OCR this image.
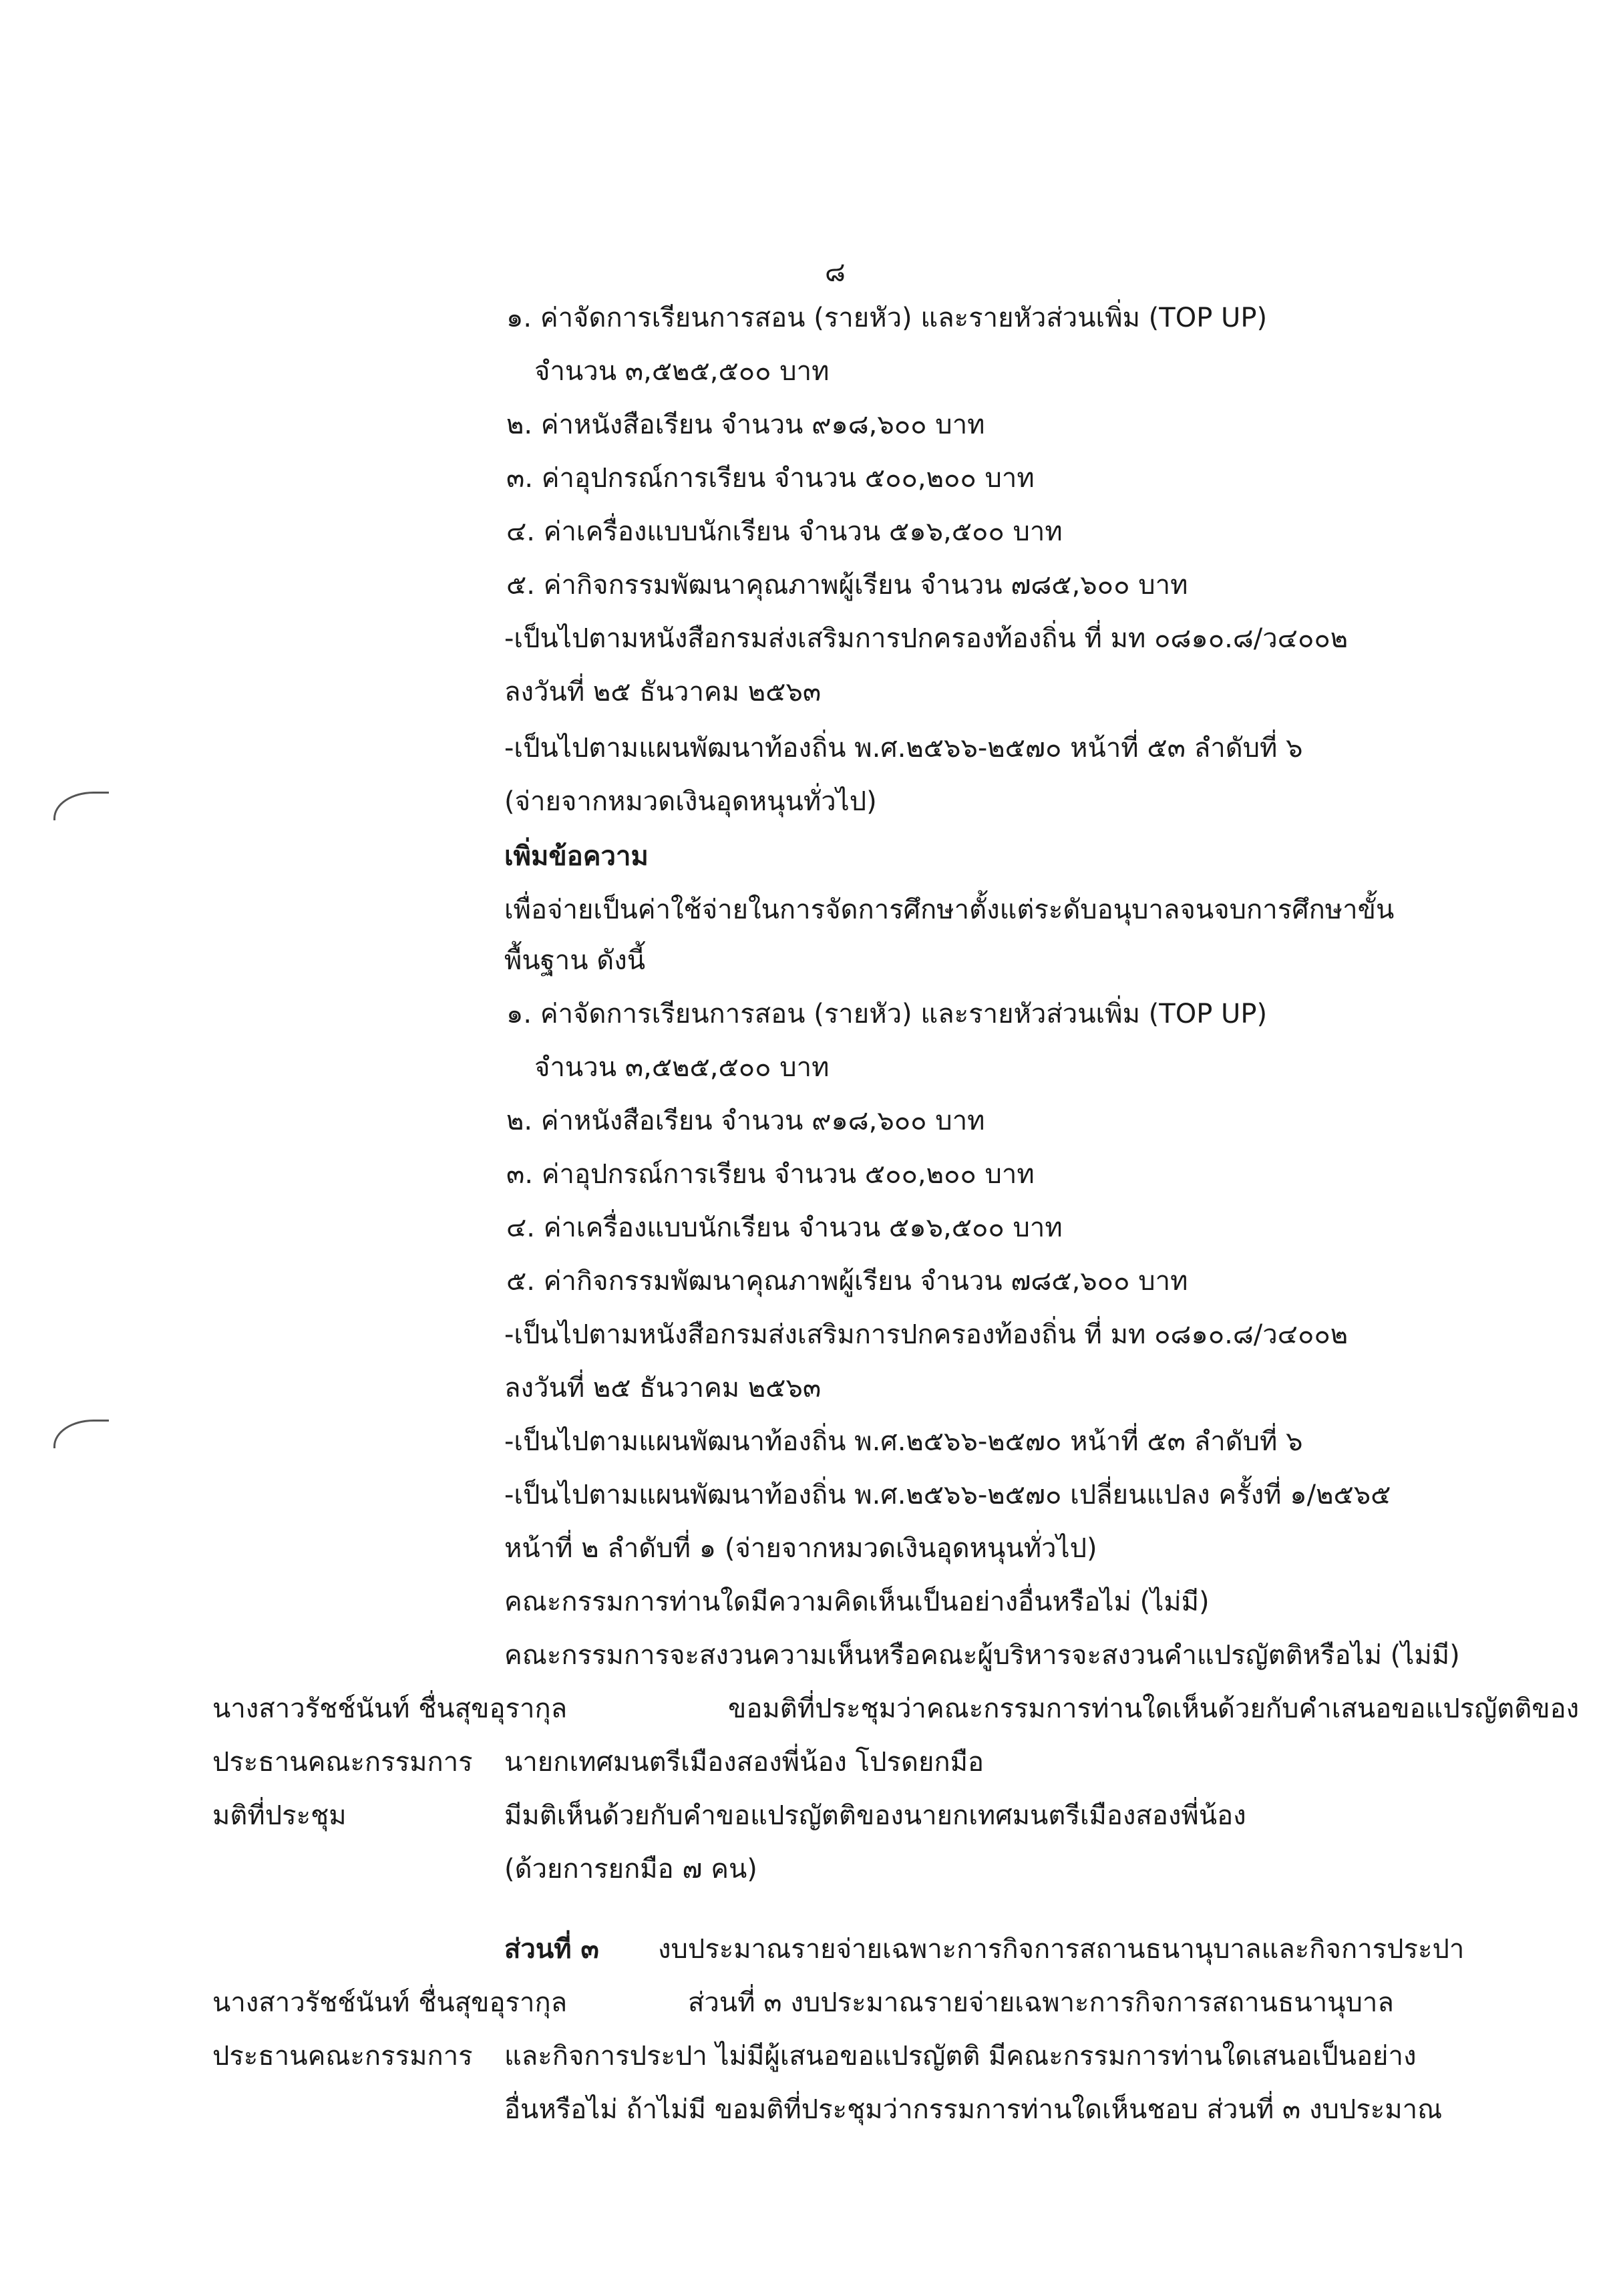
๘
๑. ค่าจัดการเรียนการสอน (รายหัว) และรายหัวส่วนเพิ่ม (TOP UP)
จำนวน ๓,๕๒๕,๕๐๐ บาท
๒. ค่าหนังสือเรียน จำนวน ๙๑๘,๖๐๐ บาท
๓. ค่าอุปกรณ์การเรียน จำนวน ๕๐๐,๒๐๐ บาท
๔. ค่าเครื่องแบบนักเรียน จำนวน ๕๑๖,๕๐๐ บาท
๕. ค่ากิจกรรมพัฒนาคุณภาพผู้เรียน จำนวน ๗๘๕,๖๐๐ บาท
-เป็นไปตามหนังสือกรมส่งเสริมการปกครองท้องถิ่น ที่ มท ๐๘๑๐.๘/ว๔๐๐๒
ลงวันที่ ๒๕ ธันวาคม ๒๕๖๓
-เป็นไปตามแผนพัฒนาท้องถิ่น พ.ศ.๒๕๖๖-๒๕๗๐ หน้าที่ ๕๓ ลำดับที่ ๖
(จ่ายจากหมวดเงินอุดหนุนทั่วไป)
เพิ่มข้อความ
เพื่อจ่ายเป็นค่าใช้จ่ายในการจัดการศึกษาตั้งแต่ระดับอนุบาลจนจบการศึกษาขั้น
พื้นฐาน ดังนี้
๑. ค่าจัดการเรียนการสอน (รายหัว) และรายหัวส่วนเพิ่ม (TOP UP)
จำนวน ๓,๕๒๕,๕๐๐ บาท
๒. ค่าหนังสือเรียน จำนวน ๙๑๘,๖๐๐ บาท
๓. ค่าอุปกรณ์การเรียน จำนวน ๕๐๐,๒๐๐ บาท
๔. ค่าเครื่องแบบนักเรียน จำนวน ๕๑๖,๕๐๐ บาท
๕. ค่ากิจกรรมพัฒนาคุณภาพผู้เรียน จำนวน ๗๘๕,๖๐๐ บาท
-เป็นไปตามหนังสือกรมส่งเสริมการปกครองท้องถิ่น ที่ มท ๐๘๑๐.๘/ว๔๐๐๒
ลงวันที่ ๒๕ ธันวาคม ๒๕๖๓
-เป็นไปตามแผนพัฒนาท้องถิ่น พ.ศ.๒๕๖๖-๒๕๗๐ หน้าที่ ๕๓ ลำดับที่ ๖
-เป็นไปตามแผนพัฒนาท้องถิ่น พ.ศ.๒๕๖๖-๒๕๗๐ เปลี่ยนแปลง ครั้งที่ ๑/๒๕๖๕
หน้าที่ ๒ ลำดับที่ ๑ (จ่ายจากหมวดเงินอุดหนุนทั่วไป)
คณะกรรมการท่านใดมีความคิดเห็นเป็นอย่างอื่นหรือไม่ (ไม่มี)
คณะกรรมการจะสงวนความเห็นหรือคณะผู้บริหารจะสงวนคำแปรญัตติหรือไม่ (ไม่มี)
นางสาวรัชช์นันท์ ชื่นสุขอุรากุล	ขอมติที่ประชุมว่าคณะกรรมการท่านใดเห็นด้วยกับคำเสนอขอแปรญัตติของ
ประธานคณะกรรมการ นายกเทศมนตรีเมืองสองพี่น้อง โปรดยกมือ
มติที่ประชุม	มีมติเห็นด้วยกับคำขอแปรญัตติของนายกเทศมนตรีเมืองสองพี่น้อง
(ด้วยการยกมือ ๗ คน)
ส่วนที่ ๓ งบประมาณรายจ่ายเฉพาะการกิจการสถานธนานุบาลและกิจการประปา
นางสาวรัชช์นันท์ ชื่นสุขอุรากุล	ส่วนที่ ๓ งบประมาณรายจ่ายเฉพาะการกิจการสถานธนานุบาล
ประธานคณะกรรมการ และกิจการประปา ไม่มีผู้เสนอขอแปรญัตติ มีคณะกรรมการท่านใดเสนอเป็นอย่าง
อื่นหรือไม่ ถ้าไม่มี ขอมติที่ประชุมว่ากรรมการท่านใดเห็นชอบ ส่วนที่ ๓ งบประมาณ
